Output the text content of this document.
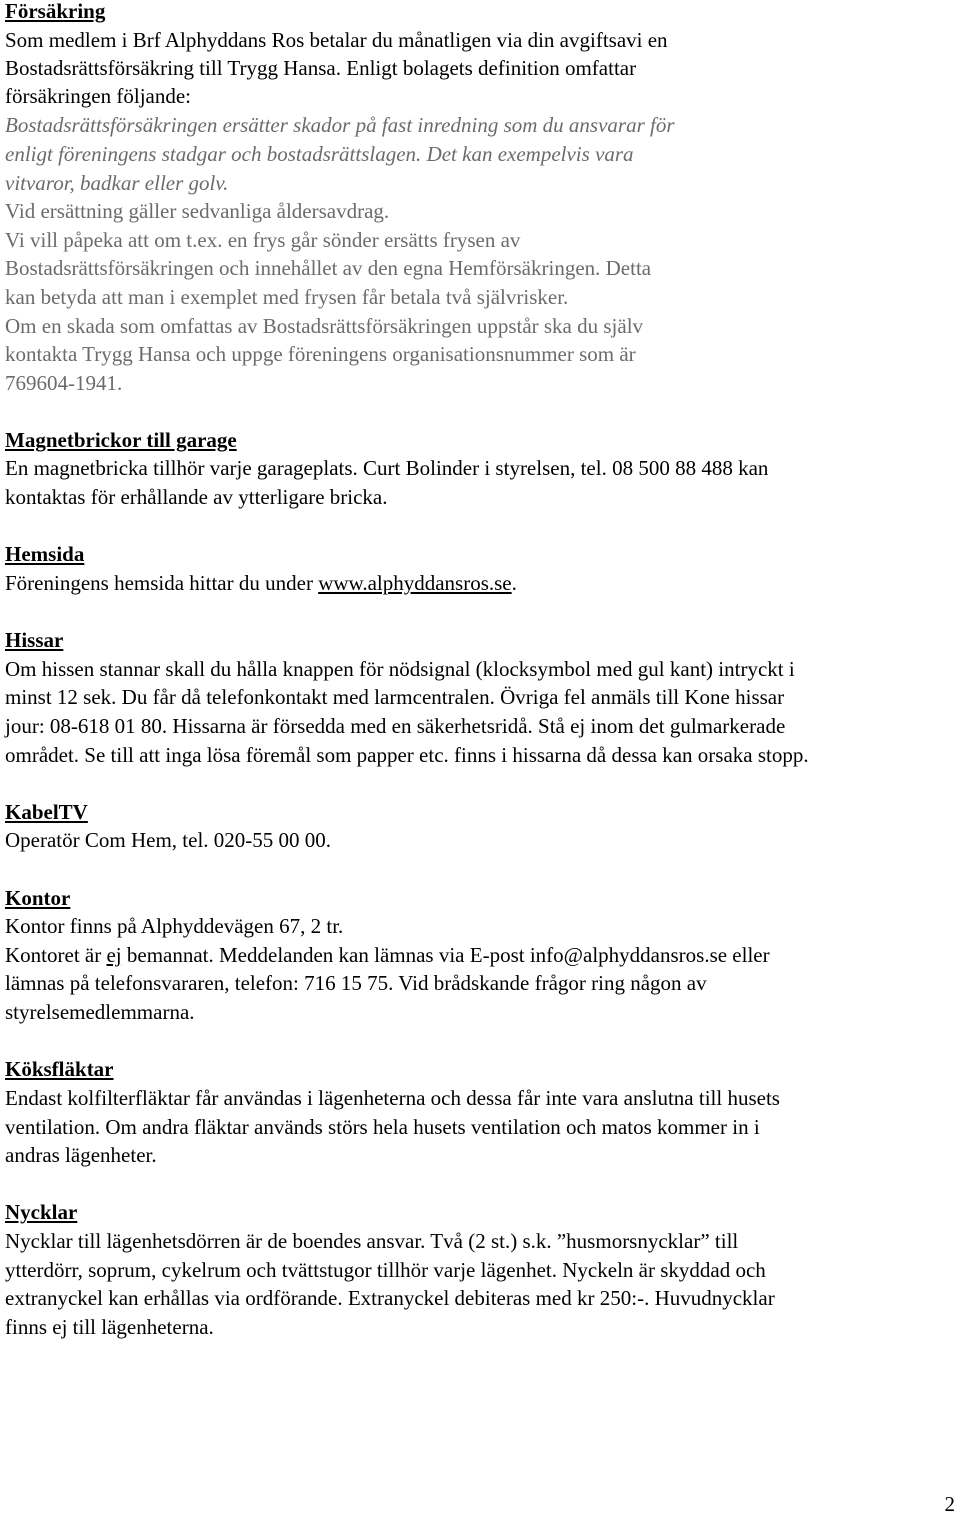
Försäkring
Som medlem i Brf Alphyddans Ros betalar du månatligen via din avgiftsavi en
Bostadsrättsförsäkring till Trygg Hansa. Enligt bolagets definition omfattar
försäkringen följande:
Bostadsrättsförsäkringen ersätter skador på fast inredning som du ansvarar för
enligt föreningens stadgar och bostadsrättslagen. Det kan exempelvis vara
vitvaror, badkar eller golv.
Vid ersättning gäller sedvanliga åldersavdrag.
Vi vill påpeka att om t.ex. en frys går sönder ersätts frysen av
Bostadsrättsförsäkringen och innehållet av den egna Hemförsäkringen. Detta
kan betyda att man i exemplet med frysen får betala två självrisker.
Om en skada som omfattas av Bostadsrättsförsäkringen uppstår ska du själv
kontakta Trygg Hansa och uppge föreningens organisationsnummer som är
769604-1941.
Magnetbrickor till garage
En magnetbricka tillhör varje garageplats. Curt Bolinder i styrelsen, tel. 08 500 88 488 kan
kontaktas för erhållande av ytterligare bricka.
Hemsida
Föreningens hemsida hittar du under www.alphyddansros.se.
Hissar
Om hissen stannar skall du hålla knappen för nödsignal (klocksymbol med gul kant) intryckt i
minst 12 sek. Du får då telefonkontakt med larmcentralen. Övriga fel anmäls till Kone hissar
jour: 08-618 01 80. Hissarna är försedda med en säkerhetsridå. Stå ej inom det gulmarkerade
området. Se till att inga lösa föremål som papper etc. finns i hissarna då dessa kan orsaka stopp.
KabelTV
Operatör Com Hem, tel. 020-55 00 00.
Kontor
Kontor finns på Alphyddevägen 67, 2 tr.
Kontoret är ej bemannat. Meddelanden kan lämnas via E-post info@alphyddansros.se eller
lämnas på telefonsvararen, telefon: 716 15 75. Vid brådskande frågor ring någon av
styrelsemedlemmarna.
Köksfläktar
Endast kolfilterfläktar får användas i lägenheterna och dessa får inte vara anslutna till husets
ventilation. Om andra fläktar används störs hela husets ventilation och matos kommer in i
andras lägenheter.
Nycklar
Nycklar till lägenhetsdörren är de boendes ansvar. Två (2 st.) s.k. ”husmorsnycklar” till
ytterdörr, soprum, cykelrum och tvättstugor tillhör varje lägenhet. Nyckeln är skyddad och
extranyckel kan erhållas via ordförande. Extranyckel debiteras med kr 250:-. Huvudnycklar
finns ej till lägenheterna.
2
